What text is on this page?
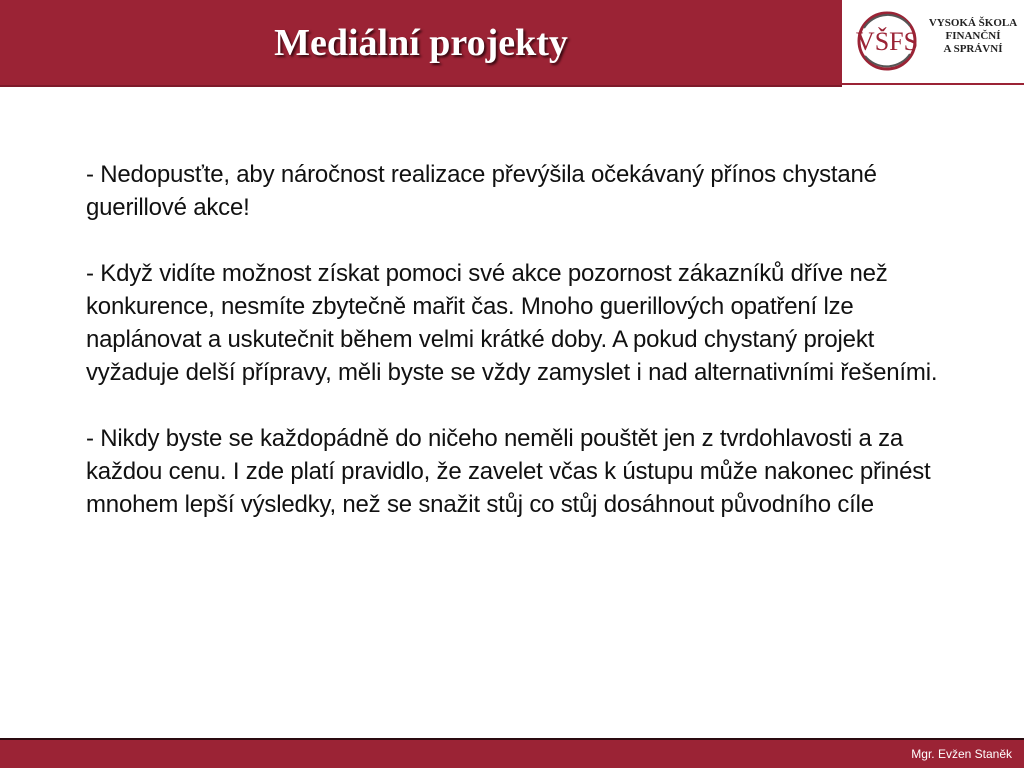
Mediální projekty	VŠFS
VYSOKÁ ŠKOLA
FINANČNÍ
A SPRÁVNÍ

- Nedopusťte, aby náročnost realizace převýšila očekávaný přínos chystané guerillové akce!

- Když vidíte možnost získat pomoci své akce pozornost zákazníků dříve než konkurence, nesmíte zbytečně mařit čas. Mnoho guerillových opatření lze naplánovat a uskutečnit během velmi krátké doby. A pokud chystaný projekt vyžaduje delší přípravy, měli byste se vždy zamyslet i nad alternativními řešeními.

- Nikdy byste se každopádně do ničeho neměli pouštět jen z tvrdohlavosti a za každou cenu. I zde platí pravidlo, že zavelet včas k ústupu může nakonec přinést mnohem lepší výsledky, než se snažit stůj co stůj dosáhnout původního cíle

Mgr. Evžen Staněk
